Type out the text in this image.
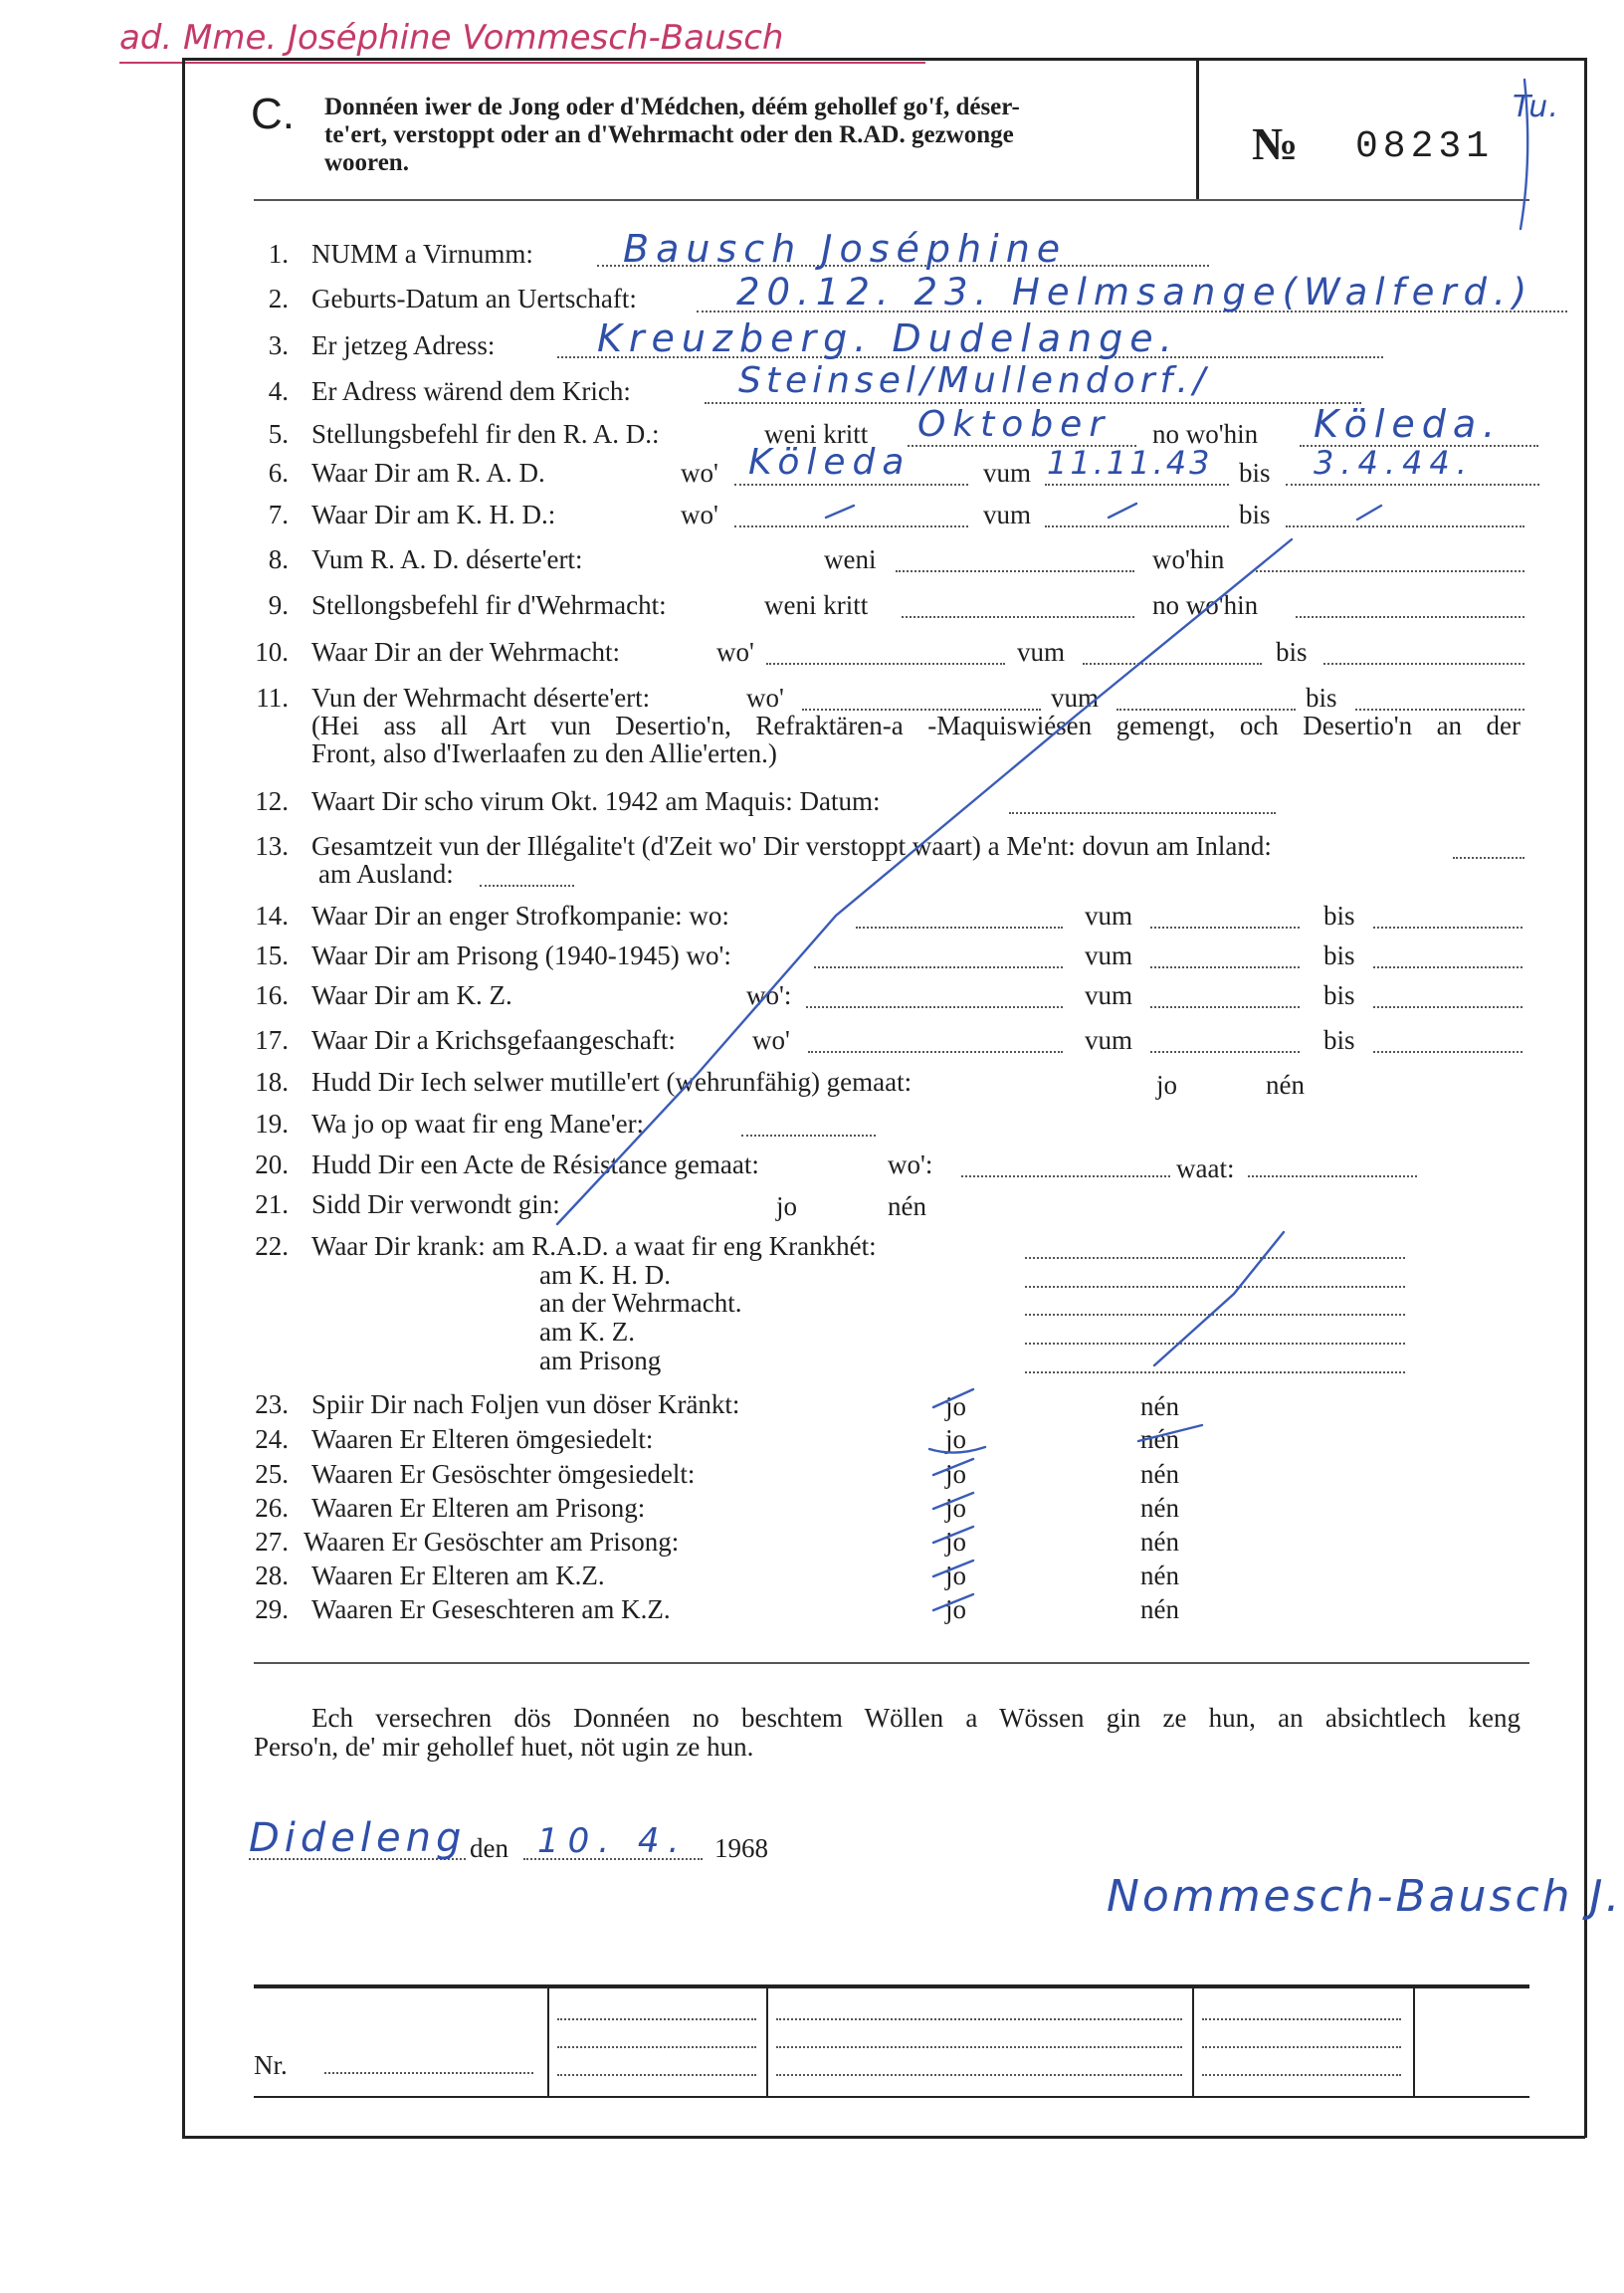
ad. Mme. Joséphine Vommesch-Bausch
C. Donnéen iwer de Jong oder d'Médchen, déém gehollef go'f, déser-
te'ert, verstoppt oder an d'Wehrmacht oder den R.AD. gezwonge
wooren.	№ 08231
Tu.
1. NUMM a Virnumm: Bausch Joséphine
2. Geburts-Datum an Uertschaft:	20.12. 23. Helmsange(Walferd.)
3. Er jetzeg Adress:	Kreuzberg. Dudelange.
4. Er Adress wärend dem Krich:	Steinsel/Mullendorf./
5. Stellungsbefehl fir den R. A. D.:	weni kritt Oktober no wo'hin Köleda.
6. Waar Dir am R. A. D.	wo' Köleda	vum 11.11.43 bis 3.4.44.
7. Waar Dir am K. H. D.:	wo'	vum	bis
8. Vum R. A. D. déserte'ert:	weni	wo'hin
9. Stellongsbefehl fir d'Wehrmacht:	weni kritt	no wo'hin
10. Waar Dir an der Wehrmacht:	wo'	vum	bis
11. Vun der Wehrmacht déserte'ert:	wo'	vum	bis
(Hei ass all Art vun Desertio'n, Refraktären-a -Maquiswiésen gemengt, och Desertio'n an der
Front, also d'Iwerlaafen zu den Allie'erten.)
12. Waart Dir scho virum Okt. 1942 am Maquis: Datum:
13. Gesamtzeit vun der Illégalite't (d'Zeit wo' Dir verstoppt waart) a Me'nt: dovun am Inland:
am Ausland:
14. Waar Dir an enger Strofkompanie: wo:	vum	bis
15. Waar Dir am Prisong (1940-1945) wo':	vum	bis
16. Waar Dir am K. Z.	wo':	vum	bis
17. Waar Dir a Krichsgefaangeschaft:	wo'	vum	bis
18. Hudd Dir Iech selwer mutille'ert (wehrunfähig) gemaat:	jo	nén
19. Wa jo op waat fir eng Mane'er:
20. Hudd Dir een Acte de Résistance gemaat:	wo':	waat:
21. Sidd Dir verwondt gin:	jo	nén
22. Waar Dir krank: am R.A.D. a waat fir eng Krankhét:
am K. H. D.
an der Wehrmacht.
am K. Z.
am Prisong
23. Spiir Dir nach Foljen vun döser Kränkt:	jo	nén
24. Waaren Er Elteren ömgesiedelt:	jo	nén
25. Waaren Er Gesöschter ömgesiedelt:	jo	nén
26. Waaren Er Elteren am Prisong:	jo	nén
27. Waaren Er Gesöschter am Prisong:	jo	nén
28. Waaren Er Elteren am K.Z.	jo	nén
29. Waaren Er Geseschteren am K.Z.	jo	nén
Ech versechren dös Donnéen no beschtem Wöllen a Wössen gin ze hun, an absichtlech keng
Perso'n, de' mir gehollef huet, nöt ugin ze hun.
Dideleng den 10. 4. 1968
Nommesch-Bausch J.
Nr.
